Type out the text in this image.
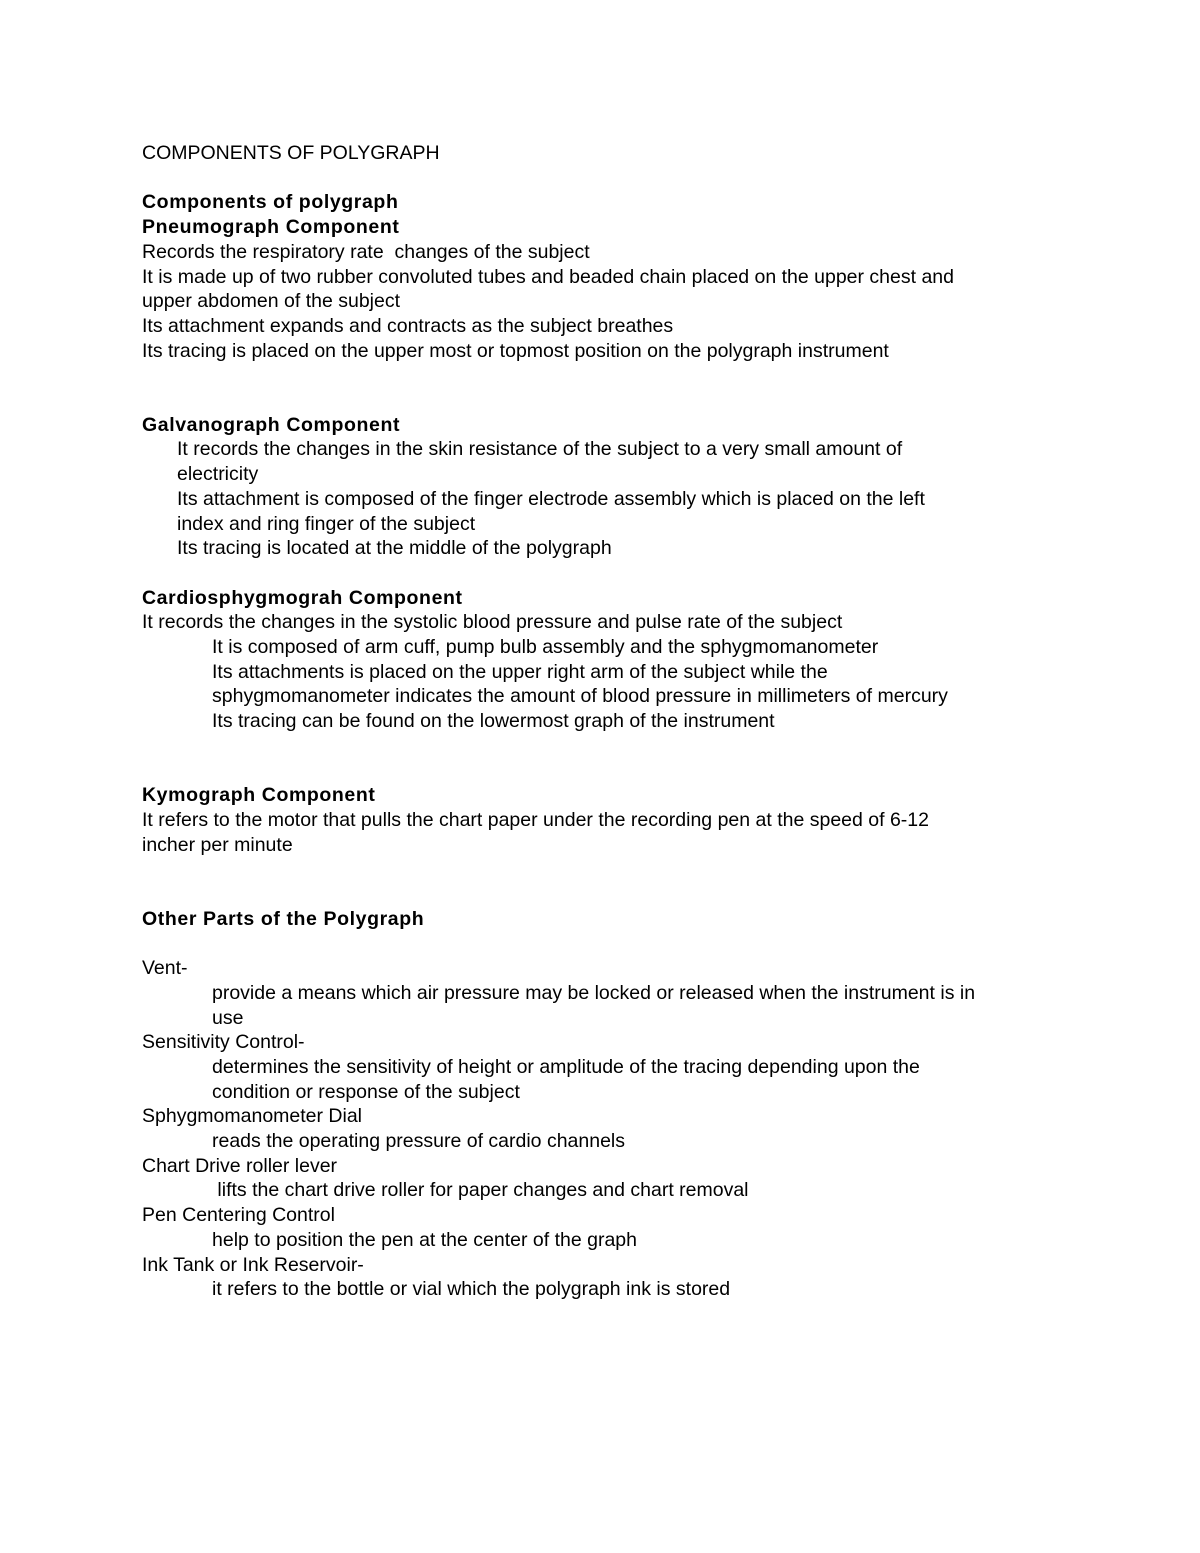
COMPONENTS OF POLYGRAPH
Components of polygraph
Pneumograph Component
Records the respiratory rate  changes of the subject
It is made up of two rubber convoluted tubes and beaded chain placed on the upper chest and
upper abdomen of the subject
Its attachment expands and contracts as the subject breathes
Its tracing is placed on the upper most or topmost position on the polygraph instrument
Galvanograph Component
It records the changes in the skin resistance of the subject to a very small amount of
electricity
Its attachment is composed of the finger electrode assembly which is placed on the left
index and ring finger of the subject
Its tracing is located at the middle of the polygraph
Cardiosphygmograh Component
It records the changes in the systolic blood pressure and pulse rate of the subject
It is composed of arm cuff, pump bulb assembly and the sphygmomanometer
Its attachments is placed on the upper right arm of the subject while the
sphygmomanometer indicates the amount of blood pressure in millimeters of mercury
Its tracing can be found on the lowermost graph of the instrument
Kymograph Component
It refers to the motor that pulls the chart paper under the recording pen at the speed of 6-12
incher per minute
Other Parts of the Polygraph
Vent-
provide a means which air pressure may be locked or released when the instrument is in
use
Sensitivity Control-
determines the sensitivity of height or amplitude of the tracing depending upon the
condition or response of the subject
Sphygmomanometer Dial
reads the operating pressure of cardio channels
Chart Drive roller lever
lifts the chart drive roller for paper changes and chart removal
Pen Centering Control
help to position the pen at the center of the graph
Ink Tank or Ink Reservoir-
it refers to the bottle or vial which the polygraph ink is stored
